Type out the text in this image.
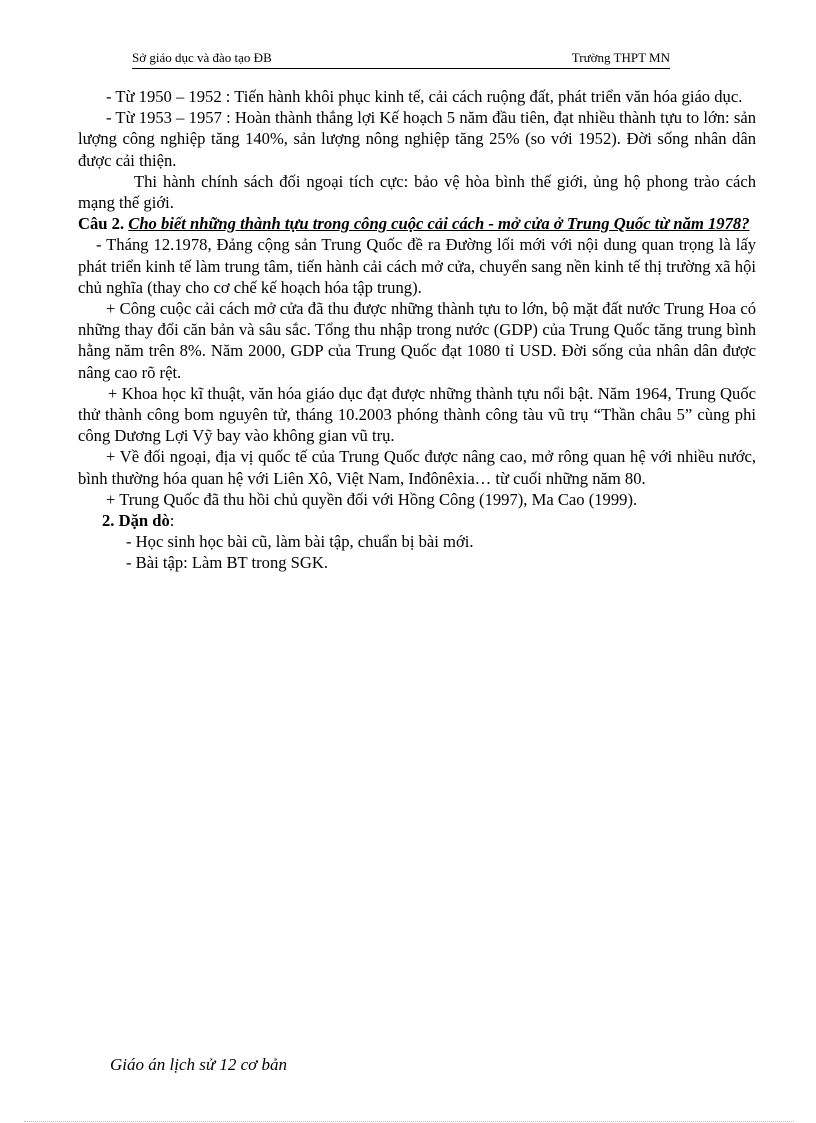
Sở giáo dục và đào tạo ĐB	Trường THPT MN

- Từ 1950 – 1952 : Tiến hành khôi phục kinh tế, cải cách ruộng đất, phát triển văn hóa giáo dục.

- Từ 1953 – 1957 : Hoàn thành thắng lợi Kế hoạch 5 năm đầu tiên, đạt nhiều thành tựu to lớn: sản lượng công nghiệp tăng 140%, sản lượng nông nghiệp tăng 25% (so với 1952). Đời sống nhân dân được cải thiện.

Thi hành chính sách đối ngoại tích cực: bảo vệ hòa bình thế giới, ủng hộ phong trào cách mạng thế giới.

Câu 2. Cho biết những thành tựu trong công cuộc cải cách - mở cửa ở Trung Quốc từ năm 1978?

- Tháng 12.1978, Đảng cộng sản Trung Quốc đề ra Đường lối mới với nội dung quan trọng là lấy phát triển kinh tế làm trung tâm, tiến hành cải cách mở cửa, chuyển sang nền kinh tế thị trường xã hội chủ nghĩa (thay cho cơ chế kế hoạch hóa tập trung).

+ Công cuộc cải cách mở cửa đã thu được những thành tựu to lớn, bộ mặt đất nước Trung Hoa có những thay đổi căn bản và sâu sắc. Tổng thu nhập trong nước (GDP) của Trung Quốc tăng trung bình hằng năm trên 8%. Năm 2000, GDP của Trung Quốc đạt 1080 tỉ USD. Đời sống của nhân dân được nâng cao rõ rệt.

+ Khoa học kĩ thuật, văn hóa giáo dục đạt được những thành tựu nổi bật. Năm 1964, Trung Quốc thử thành công bom nguyên tử, tháng 10.2003 phóng thành công tàu vũ trụ “Thần châu 5” cùng phi công Dương Lợi Vỹ bay vào không gian vũ trụ.

+ Về đối ngoại, địa vị quốc tế của Trung Quốc được nâng cao, mở rông quan hệ với nhiều nước, bình thường hóa quan hệ với Liên Xô, Việt Nam, Inđônêxia… từ cuối những năm 80.

+ Trung Quốc đã thu hồi chủ quyền đối với Hồng Công (1997), Ma Cao (1999).

2. Dặn dò:

- Học sinh học bài cũ, làm bài tập, chuẩn bị bài mới.

- Bài tập: Làm BT trong SGK.

Giáo án lịch sử 12 cơ bản
